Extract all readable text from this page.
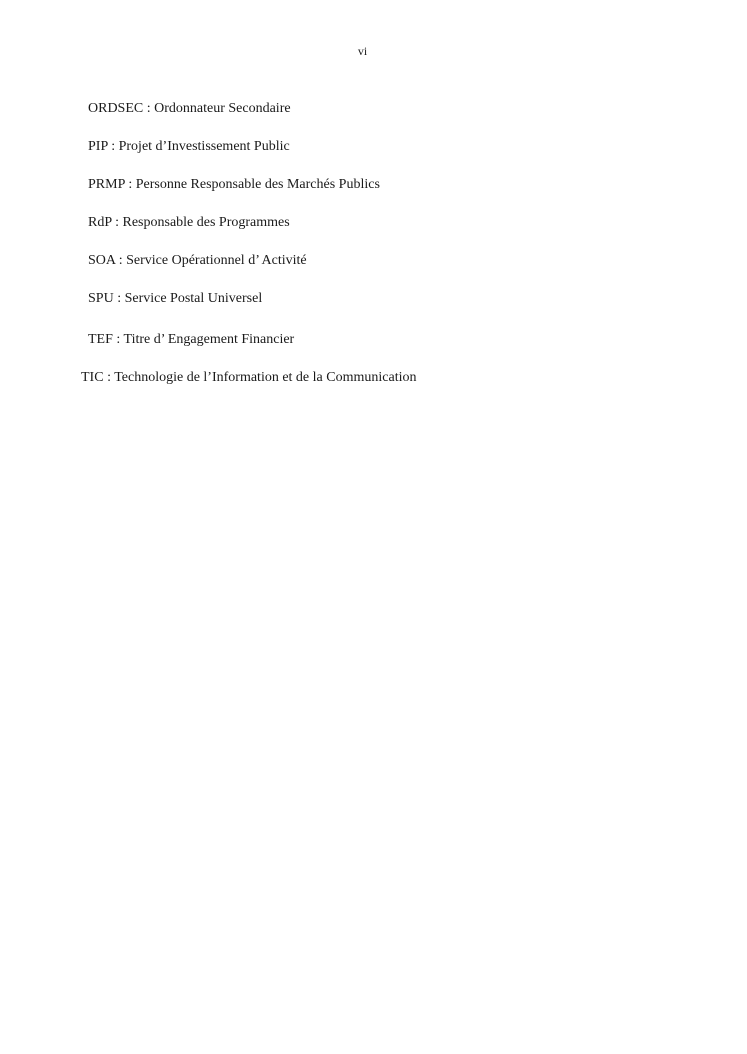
vi
ORDSEC : Ordonnateur Secondaire
PIP : Projet d’Investissement Public
PRMP : Personne Responsable des Marchés Publics
RdP : Responsable des Programmes
SOA : Service Opérationnel d’ Activité
SPU : Service Postal Universel
TEF : Titre d’ Engagement Financier
TIC : Technologie de l’Information et de la Communication
